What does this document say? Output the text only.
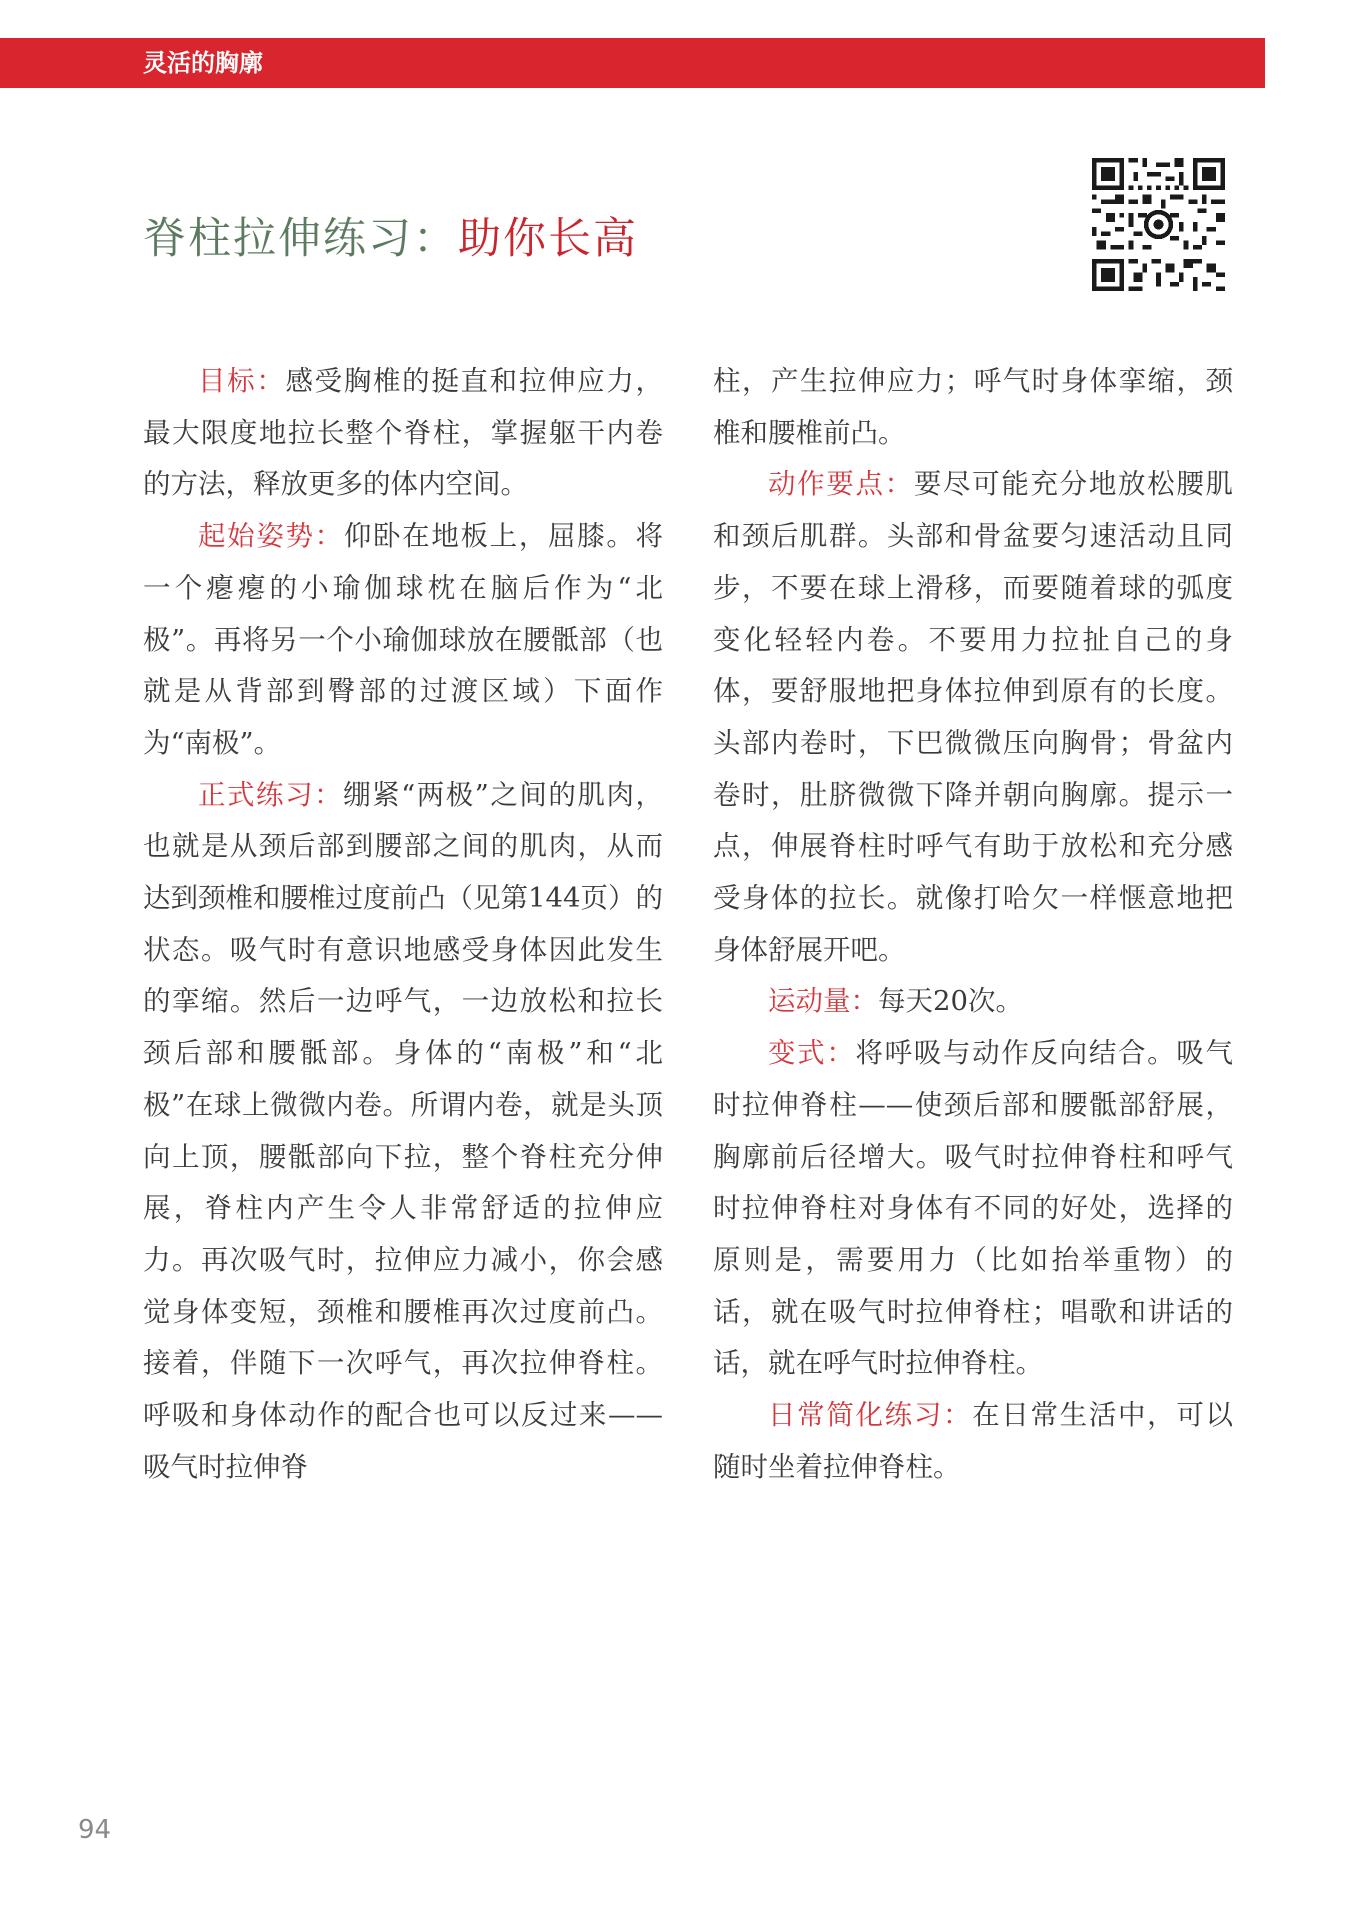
灵活的胸廓
脊柱拉伸练习：助你长高

目标：感受胸椎的挺直和拉伸应力，最大限度地拉长整个脊柱，掌握躯干内卷的方法，释放更多的体内空间。

起始姿势：仰卧在地板上，屈膝。将一个瘪瘪的小瑜伽球枕在脑后作为“北极”。再将另一个小瑜伽球放在腰骶部（也就是从背部到臀部的过渡区域）下面作为“南极”。

正式练习：绷紧“两极”之间的肌肉，也就是从颈后部到腰部之间的肌肉，从而达到颈椎和腰椎过度前凸（见第144页）的状态。吸气时有意识地感受身体因此发生的挛缩。然后一边呼气，一边放松和拉长颈后部和腰骶部。身体的“南极”和“北极”在球上微微内卷。所谓内卷，就是头顶向上顶，腰骶部向下拉，整个脊柱充分伸展，脊柱内产生令人非常舒适的拉伸应力。再次吸气时，拉伸应力减小，你会感觉身体变短，颈椎和腰椎再次过度前凸。接着，伴随下一次呼气，再次拉伸脊柱。呼吸和身体动作的配合也可以反过来——吸气时拉伸脊

柱，产生拉伸应力；呼气时身体挛缩，颈椎和腰椎前凸。

动作要点：要尽可能充分地放松腰肌和颈后肌群。头部和骨盆要匀速活动且同步，不要在球上滑移，而要随着球的弧度变化轻轻内卷。不要用力拉扯自己的身体，要舒服地把身体拉伸到原有的长度。头部内卷时，下巴微微压向胸骨；骨盆内卷时，肚脐微微下降并朝向胸廓。提示一点，伸展脊柱时呼气有助于放松和充分感受身体的拉长。就像打哈欠一样惬意地把身体舒展开吧。

运动量：每天20次。

变式：将呼吸与动作反向结合。吸气时拉伸脊柱——使颈后部和腰骶部舒展，胸廓前后径增大。吸气时拉伸脊柱和呼气时拉伸脊柱对身体有不同的好处，选择的原则是，需要用力（比如抬举重物）的话，就在吸气时拉伸脊柱；唱歌和讲话的话，就在呼气时拉伸脊柱。

日常简化练习：在日常生活中，可以随时坐着拉伸脊柱。

94
